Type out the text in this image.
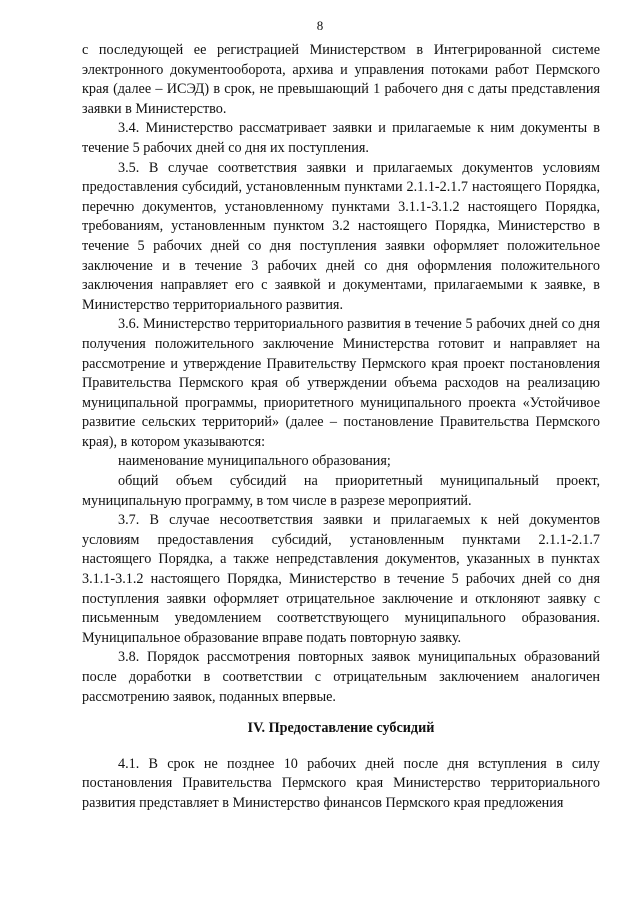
8

с последующей ее регистрацией Министерством в Интегрированной системе электронного документооборота, архива и управления потоками работ Пермского края (далее – ИСЭД) в срок, не превышающий 1 рабочего дня с даты представления заявки в Министерство.

3.4. Министерство рассматривает заявки и прилагаемые к ним документы в течение 5 рабочих дней со дня их поступления.

3.5. В случае соответствия заявки и прилагаемых документов условиям предоставления субсидий, установленным пунктами 2.1.1-2.1.7 настоящего Порядка, перечню документов, установленному пунктами 3.1.1-3.1.2 настоящего Порядка, требованиям, установленным пунктом 3.2 настоящего Порядка, Министерство в течение 5 рабочих дней со дня поступления заявки оформляет положительное заключение и в течение 3 рабочих дней со дня оформления положительного заключения направляет его с заявкой и документами, прилагаемыми к заявке, в Министерство территориального развития.

3.6. Министерство территориального развития в течение 5 рабочих дней со дня получения положительного заключение Министерства готовит и направляет на рассмотрение и утверждение Правительству Пермского края проект постановления Правительства Пермского края об утверждении объема расходов на реализацию муниципальной программы, приоритетного муниципального проекта «Устойчивое развитие сельских территорий» (далее – постановление Правительства Пермского края), в котором указываются:

наименование муниципального образования;

общий объем субсидий на приоритетный муниципальный проект, муниципальную программу, в том числе в разрезе мероприятий.

3.7. В случае несоответствия заявки и прилагаемых к ней документов условиям предоставления субсидий, установленным пунктами 2.1.1-2.1.7 настоящего Порядка, а также непредставления документов, указанных в пунктах 3.1.1-3.1.2 настоящего Порядка, Министерство в течение 5 рабочих дней со дня поступления заявки оформляет отрицательное заключение и отклоняют заявку с письменным уведомлением соответствующего муниципального образования. Муниципальное образование вправе подать повторную заявку.

3.8. Порядок рассмотрения повторных заявок муниципальных образований после доработки в соответствии с отрицательным заключением аналогичен рассмотрению заявок, поданных впервые.

IV. Предоставление субсидий

4.1. В срок не позднее 10 рабочих дней после дня вступления в силу постановления Правительства Пермского края Министерство территориального развития представляет в Министерство финансов Пермского края предложения
